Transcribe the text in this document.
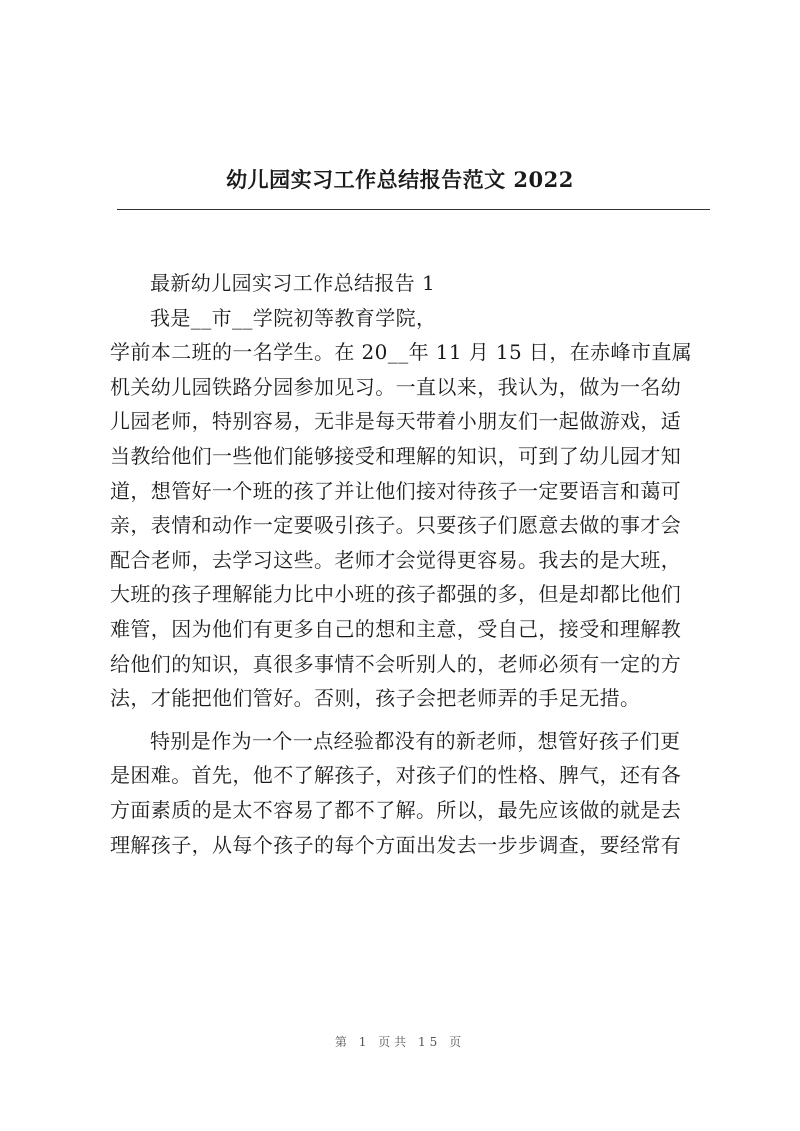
幼儿园实习工作总结报告范文 2022
最新幼儿园实习工作总结报告 1
我是__市__学院初等教育学院，
学前本二班的一名学生。在 20__年 11 月 15 日，在赤峰市直属
机关幼儿园铁路分园参加见习。一直以来，我认为，做为一名幼
儿园老师，特别容易，无非是每天带着小朋友们一起做游戏，适
当教给他们一些他们能够接受和理解的知识，可到了幼儿园才知
道，想管好一个班的孩了并让他们接对待孩子一定要语言和蔼可
亲，表情和动作一定要吸引孩子。只要孩子们愿意去做的事才会
配合老师，去学习这些。老师才会觉得更容易。我去的是大班，
大班的孩子理解能力比中小班的孩子都强的多，但是却都比他们
难管，因为他们有更多自己的想和主意，受自己，接受和理解教
给他们的知识，真很多事情不会听别人的，老师必须有一定的方
法，才能把他们管好。否则，孩子会把老师弄的手足无措。
特别是作为一个一点经验都没有的新老师，想管好孩子们更
是困难。首先，他不了解孩子，对孩子们的性格、脾气，还有各
方面素质的是太不容易了都不了解。所以，最先应该做的就是去
理解孩子，从每个孩子的每个方面出发去一步步调查，要经常有
第 1 页共 15 页
